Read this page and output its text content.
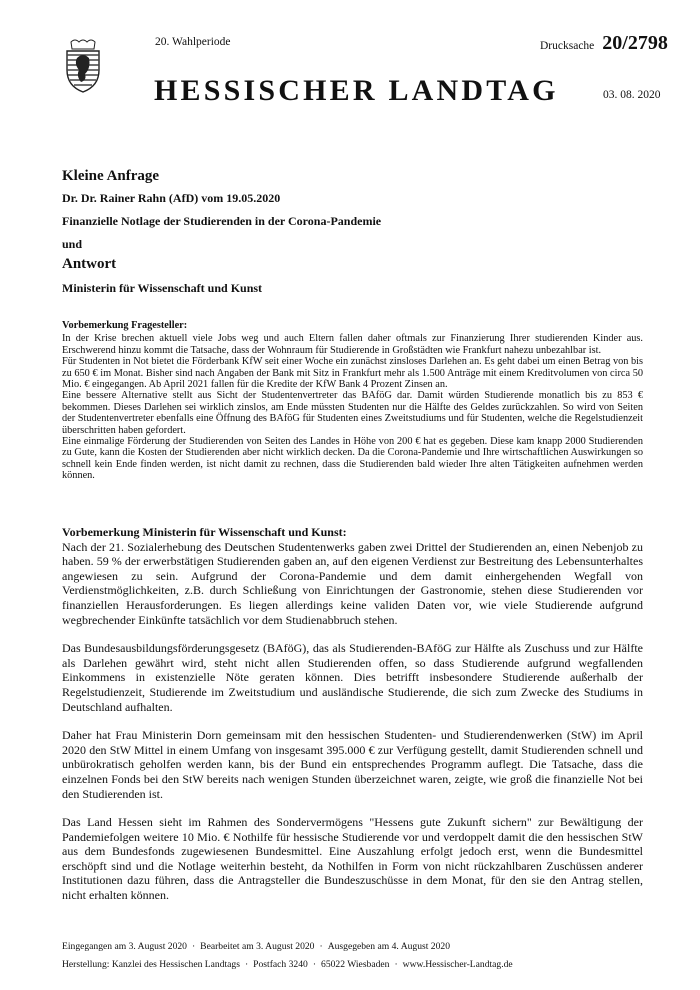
20. Wahlperiode	Drucksache 20/2798
HESSISCHER LANDTAG	03. 08. 2020
Kleine Anfrage
Dr. Dr. Rainer Rahn (AfD) vom 19.05.2020
Finanzielle Notlage der Studierenden in der Corona-Pandemie
und
Antwort
Ministerin für Wissenschaft und Kunst
Vorbemerkung Fragesteller:

In der Krise brechen aktuell viele Jobs weg und auch Eltern fallen daher oftmals zur Finanzierung Ihrer studierenden Kinder aus. Erschwerend hinzu kommt die Tatsache, dass der Wohnraum für Studierende in Großstädten wie Frankfurt nahezu unbezahlbar ist.

Für Studenten in Not bietet die Förderbank KfW seit einer Woche ein zunächst zinsloses Darlehen an. Es geht dabei um einen Betrag von bis zu 650 € im Monat. Bisher sind nach Angaben der Bank mit Sitz in Frankfurt mehr als 1.500 Anträge mit einem Kreditvolumen von circa 50 Mio. € eingegangen. Ab April 2021 fallen für die Kredite der KfW Bank 4 Prozent Zinsen an.

Eine bessere Alternative stellt aus Sicht der Studentenvertreter das BAföG dar. Damit würden Studierende monatlich bis zu 853 € bekommen. Dieses Darlehen sei wirklich zinslos, am Ende müssten Studenten nur die Hälfte des Geldes zurückzahlen. So wird von Seiten der Studentenvertreter ebenfalls eine Öffnung des BAföG für Studenten eines Zweitstudiums und für Studenten, welche die Regelstudienzeit überschritten haben gefordert.

Eine einmalige Förderung der Studierenden von Seiten des Landes in Höhe von 200 € hat es gegeben. Diese kam knapp 2000 Studierenden zu Gute, kann die Kosten der Studierenden aber nicht wirklich decken. Da die Corona-Pandemie und Ihre wirtschaftlichen Auswirkungen so schnell kein Ende finden werden, ist nicht damit zu rechnen, dass die Studierenden bald wieder Ihre alten Tätigkeiten aufnehmen werden können.

Vorbemerkung Ministerin für Wissenschaft und Kunst:

Nach der 21. Sozialerhebung des Deutschen Studentenwerks gaben zwei Drittel der Studierenden an, einen Nebenjob zu haben. 59 % der erwerbstätigen Studierenden gaben an, auf den eigenen Verdienst zur Bestreitung des Lebensunterhaltes angewiesen zu sein. Aufgrund der Corona-Pandemie und dem damit einhergehenden Wegfall von Verdienstmöglichkeiten, z.B. durch Schließung von Einrichtungen der Gastronomie, stehen diese Studierenden vor finanziellen Herausforderungen. Es liegen allerdings keine validen Daten vor, wie viele Studierende aufgrund wegbrechender Einkünfte tatsächlich vor dem Studienabbruch stehen.

Das Bundesausbildungsförderungsgesetz (BAföG), das als Studierenden-BAföG zur Hälfte als Zuschuss und zur Hälfte als Darlehen gewährt wird, steht nicht allen Studierenden offen, so dass Studierende aufgrund wegfallenden Einkommens in existenzielle Nöte geraten können. Dies betrifft insbesondere Studierende außerhalb der Regelstudienzeit, Studierende im Zweitstudium und ausländische Studierende, die sich zum Zwecke des Studiums in Deutschland aufhalten.

Daher hat Frau Ministerin Dorn gemeinsam mit den hessischen Studenten- und Studierendenwerken (StW) im April 2020 den StW Mittel in einem Umfang von insgesamt 395.000 € zur Verfügung gestellt, damit Studierenden schnell und unbürokratisch geholfen werden kann, bis der Bund ein entsprechendes Programm auflegt. Die Tatsache, dass die einzelnen Fonds bei den StW bereits nach wenigen Stunden überzeichnet waren, zeigte, wie groß die finanzielle Not bei den Studierenden ist.

Das Land Hessen sieht im Rahmen des Sondervermögens "Hessens gute Zukunft sichern" zur Bewältigung der Pandemiefolgen weitere 10 Mio. € Nothilfe für hessische Studierende vor und verdoppelt damit die den hessischen StW aus dem Bundesfonds zugewiesenen Bundesmittel. Eine Auszahlung erfolgt jedoch erst, wenn die Bundesmittel erschöpft sind und die Notlage weiterhin besteht, da Nothilfen in Form von nicht rückzahlbaren Zuschüssen anderer Institutionen dazu führen, dass die Antragsteller die Bundeszuschüsse in dem Monat, für den sie den Antrag stellen, nicht erhalten können.

Eingegangen am 3. August 2020 · Bearbeitet am 3. August 2020 · Ausgegeben am 4. August 2020
Herstellung: Kanzlei des Hessischen Landtags · Postfach 3240 · 65022 Wiesbaden · www.Hessischer-Landtag.de
